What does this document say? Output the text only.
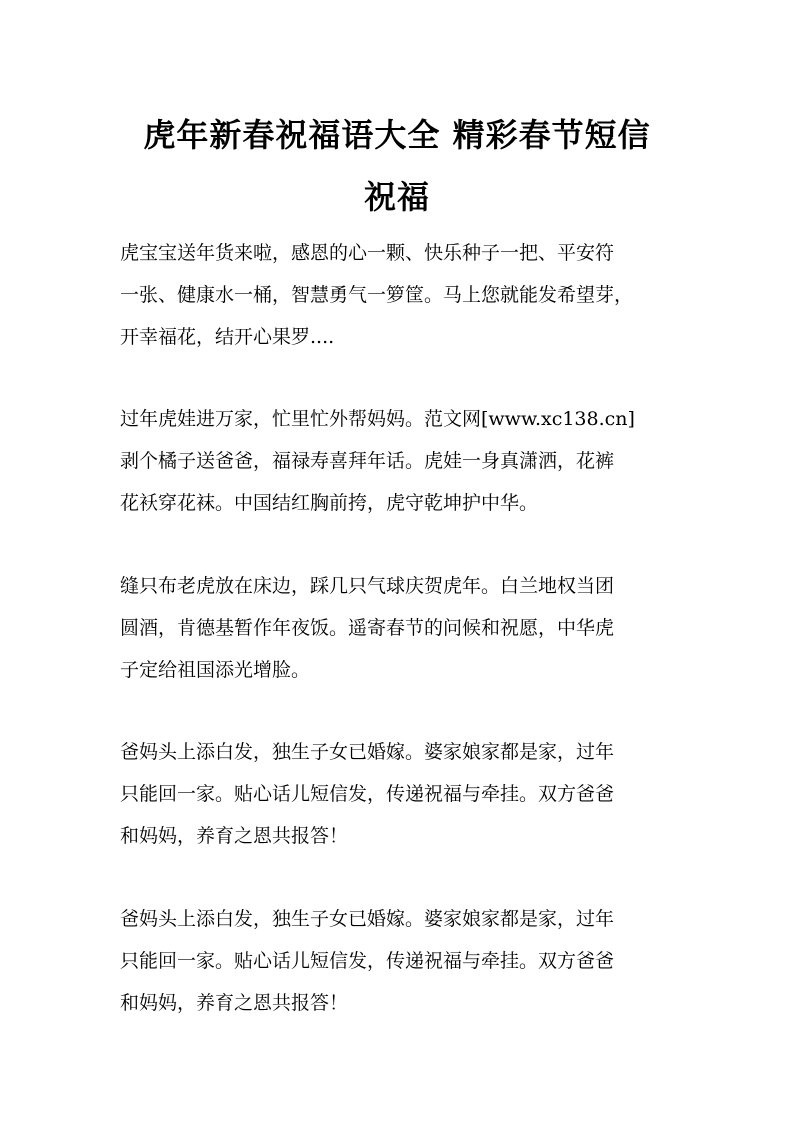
虎年新春祝福语大全 精彩春节短信
祝福

虎宝宝送年货来啦，感恩的心一颗、快乐种子一把、平安符
一张、健康水一桶，智慧勇气一箩筐。马上您就能发希望芽，
开幸福花，结开心果罗....

过年虎娃进万家，忙里忙外帮妈妈。范文网[www.xc138.cn]
剥个橘子送爸爸，福禄寿喜拜年话。虎娃一身真潇洒，花裤
花袄穿花袜。中国结红胸前挎，虎守乾坤护中华。

缝只布老虎放在床边，踩几只气球庆贺虎年。白兰地权当团
圆酒，肯德基暂作年夜饭。遥寄春节的问候和祝愿，中华虎
子定给祖国添光增脸。

爸妈头上添白发，独生子女已婚嫁。婆家娘家都是家，过年
只能回一家。贴心话儿短信发，传递祝福与牵挂。双方爸爸
和妈妈，养育之恩共报答！

爸妈头上添白发，独生子女已婚嫁。婆家娘家都是家，过年
只能回一家。贴心话儿短信发，传递祝福与牵挂。双方爸爸
和妈妈，养育之恩共报答！
